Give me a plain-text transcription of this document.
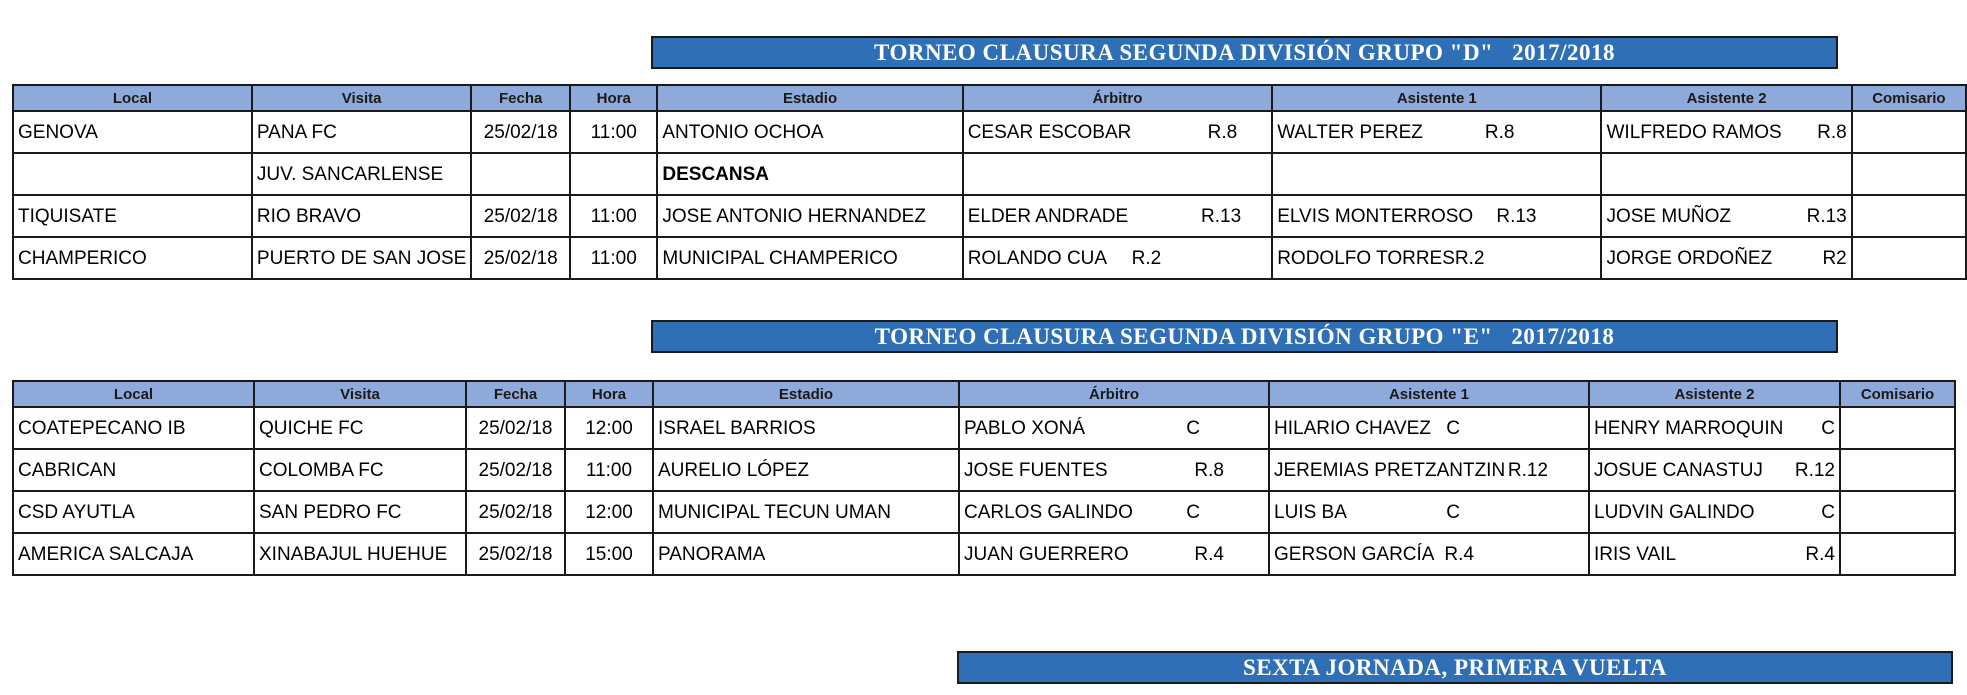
TORNEO CLAUSURA SEGUNDA DIVISIÓN GRUPO "D"   2017/2018
Local	Visita	Fecha	Hora	Estadio	Árbitro	Asistente 1	Asistente 2	Comisario
GENOVA	PANA FC	25/02/18	11:00	ANTONIO OCHOA	CESAR ESCOBAR R.8	WALTER PEREZ R.8	WILFREDO RAMOS R.8	

	JUV. SANCARLENSE			DESCANSA	

TIQUISATE	RIO BRAVO	25/02/18	11:00	JOSE ANTONIO HERNANDEZ	ELDER ANDRADE R.13	ELVIS MONTERROSO R.13	JOSE MUÑOZ R.13	

CHAMPERICO	PUERTO DE SAN JOSE	25/02/18	11:00	MUNICIPAL CHAMPERICO	ROLANDO CUA R.2	RODOLFO TORRES R.2	JORGE ORDOÑEZ R2	

TORNEO CLAUSURA SEGUNDA DIVISIÓN GRUPO "E"   2017/2018
Local	Visita	Fecha	Hora	Estadio	Árbitro	Asistente 1	Asistente 2	Comisario
COATEPECANO IB	QUICHE FC	25/02/18	12:00	ISRAEL BARRIOS	PABLO XONÁ C	HILARIO CHAVEZ C	HENRY MARROQUIN C	

CABRICAN	COLOMBA FC	25/02/18	11:00	AURELIO LÓPEZ	JOSE FUENTES R.8	JEREMIAS PRETZANTZIN R.12	JOSUE CANASTUJ R.12	

CSD AYUTLA	SAN PEDRO FC	25/02/18	12:00	MUNICIPAL TECUN UMAN	CARLOS GALINDO C	LUIS BA C	LUDVIN GALINDO C	

AMERICA SALCAJA	XINABAJUL HUEHUE	25/02/18	15:00	PANORAMA	JUAN GUERRERO R.4	GERSON GARCÍA R.4	IRIS VAIL R.4	

SEXTA JORNADA, PRIMERA VUELTA
